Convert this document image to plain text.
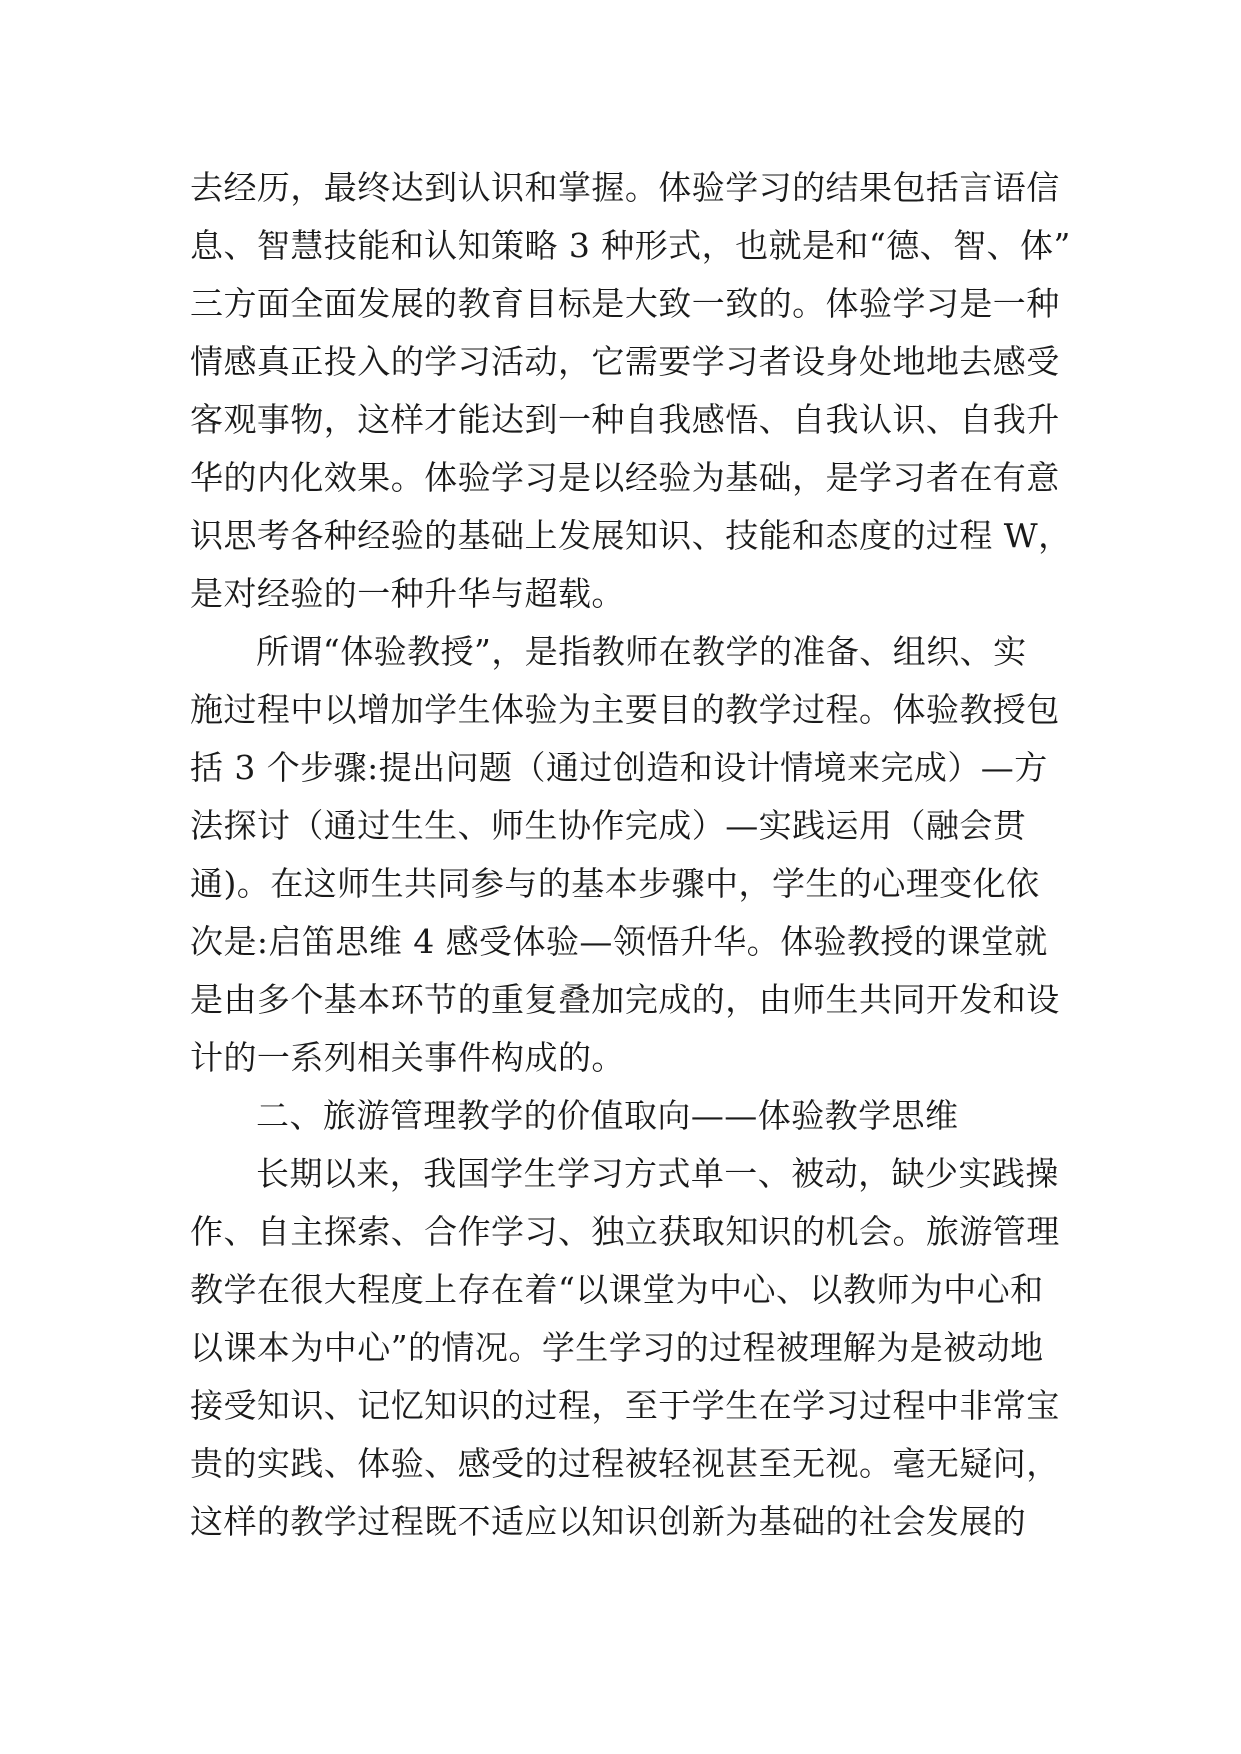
去经历，最终达到认识和掌握。体验学习的结果包括言语信
息、智慧技能和认知策略 3 种形式，也就是和“德、智、体”
三方面全面发展的教育目标是大致一致的。体验学习是一种
情感真正投入的学习活动，它需要学习者设身处地地去感受
客观事物，这样才能达到一种自我感悟、自我认识、自我升
华的内化效果。体验学习是以经验为基础，是学习者在有意
识思考各种经验的基础上发展知识、技能和态度的过程 W，
是对经验的一种升华与超载。
所谓“体验教授”，是指教师在教学的准备、组织、实
施过程中以增加学生体验为主要目的教学过程。体验教授包
括 3 个步骤:提出问题（通过创造和设计情境来完成）—方
法探讨（通过生生、师生协作完成）—实践运用（融会贯
通)。在这师生共同参与的基本步骤中，学生的心理变化依
次是:启笛思维 4 感受体验—领悟升华。体验教授的课堂就
是由多个基本环节的重复叠加完成的，由师生共同开发和设
计的一系列相关事件构成的。
二、旅游管理教学的价值取向——体验教学思维
长期以来，我国学生学习方式单一、被动，缺少实践操
作、自主探索、合作学习、独立获取知识的机会。旅游管理
教学在很大程度上存在着“以课堂为中心、以教师为中心和
以课本为中心”的情况。学生学习的过程被理解为是被动地
接受知识、记忆知识的过程，至于学生在学习过程中非常宝
贵的实践、体验、感受的过程被轻视甚至无视。毫无疑问，
这样的教学过程既不适应以知识创新为基础的社会发展的
